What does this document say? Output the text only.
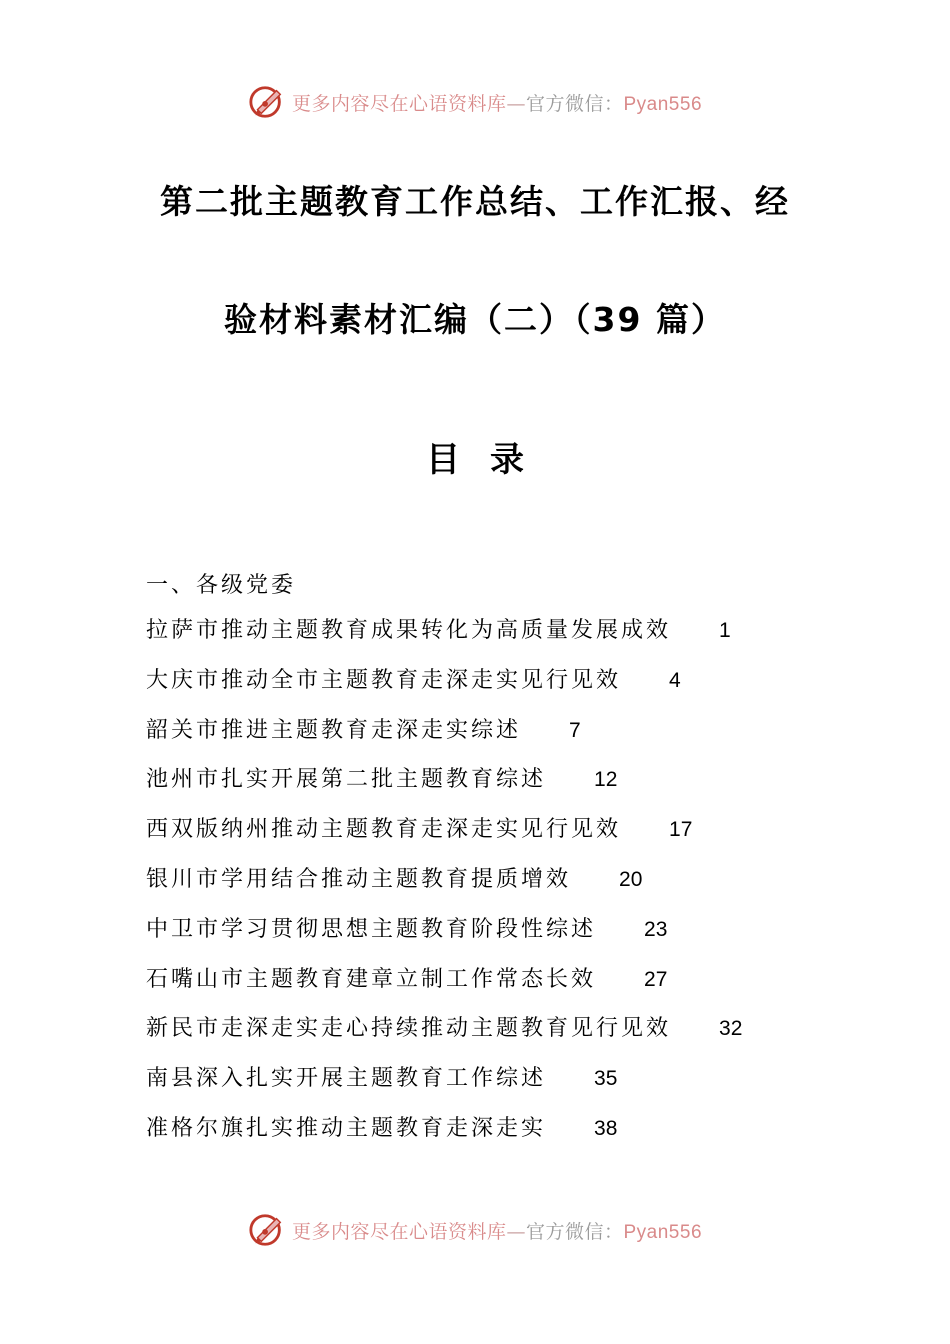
更多内容尽在心语资料库—官方微信：Pyan556
第二批主题教育工作总结、工作汇报、经
验材料素材汇编（二）（39 篇）
目录
一、各级党委
拉萨市推动主题教育成果转化为高质量发展成效 1
大庆市推动全市主题教育走深走实见行见效 4
韶关市推进主题教育走深走实综述 7
池州市扎实开展第二批主题教育综述 12
西双版纳州推动主题教育走深走实见行见效 17
银川市学用结合推动主题教育提质增效 20
中卫市学习贯彻思想主题教育阶段性综述 23
石嘴山市主题教育建章立制工作常态长效 27
新民市走深走实走心持续推动主题教育见行见效 32
南县深入扎实开展主题教育工作综述 35
准格尔旗扎实推动主题教育走深走实 38
更多内容尽在心语资料库—官方微信：Pyan556
